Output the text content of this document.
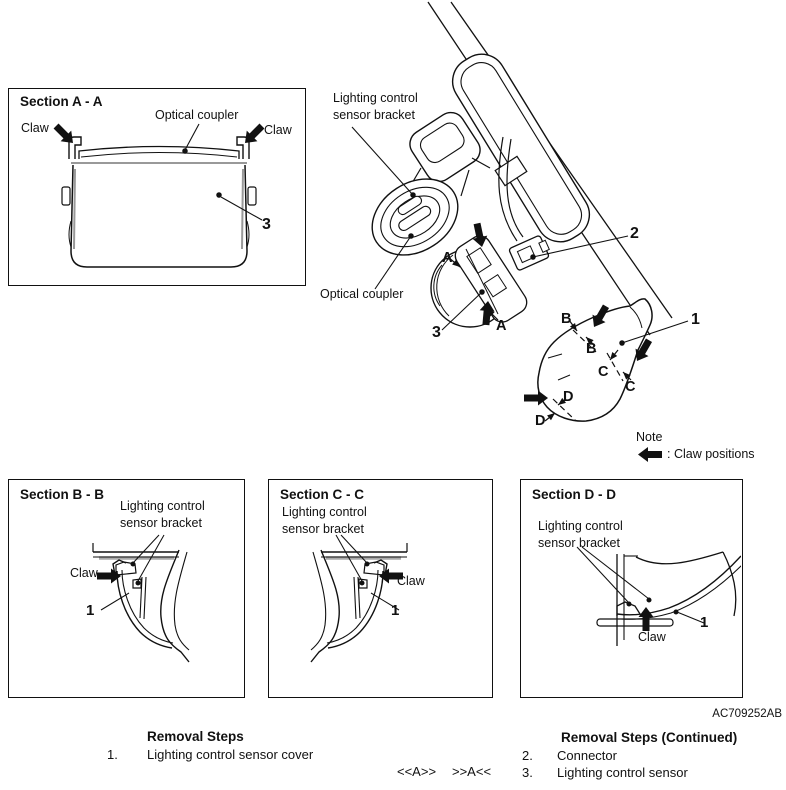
Lighting control
sensor bracket
Optical coupler
2
1
3
A
A	B
B
C
C
D
D
Note
: Claw positions
Section A - A
Optical coupler
Claw	Claw
3
Section B - B
Lighting control
sensor bracket
Claw
1
Section C - C
Lighting control
sensor bracket
Claw
1
Section D - D
Lighting control
sensor bracket
Claw
1
AC709252AB
Removal Steps
1. Lighting control sensor cover
<<A>> >>A<<
Removal Steps (Continued)
2. Connector
3. Lighting control sensor
